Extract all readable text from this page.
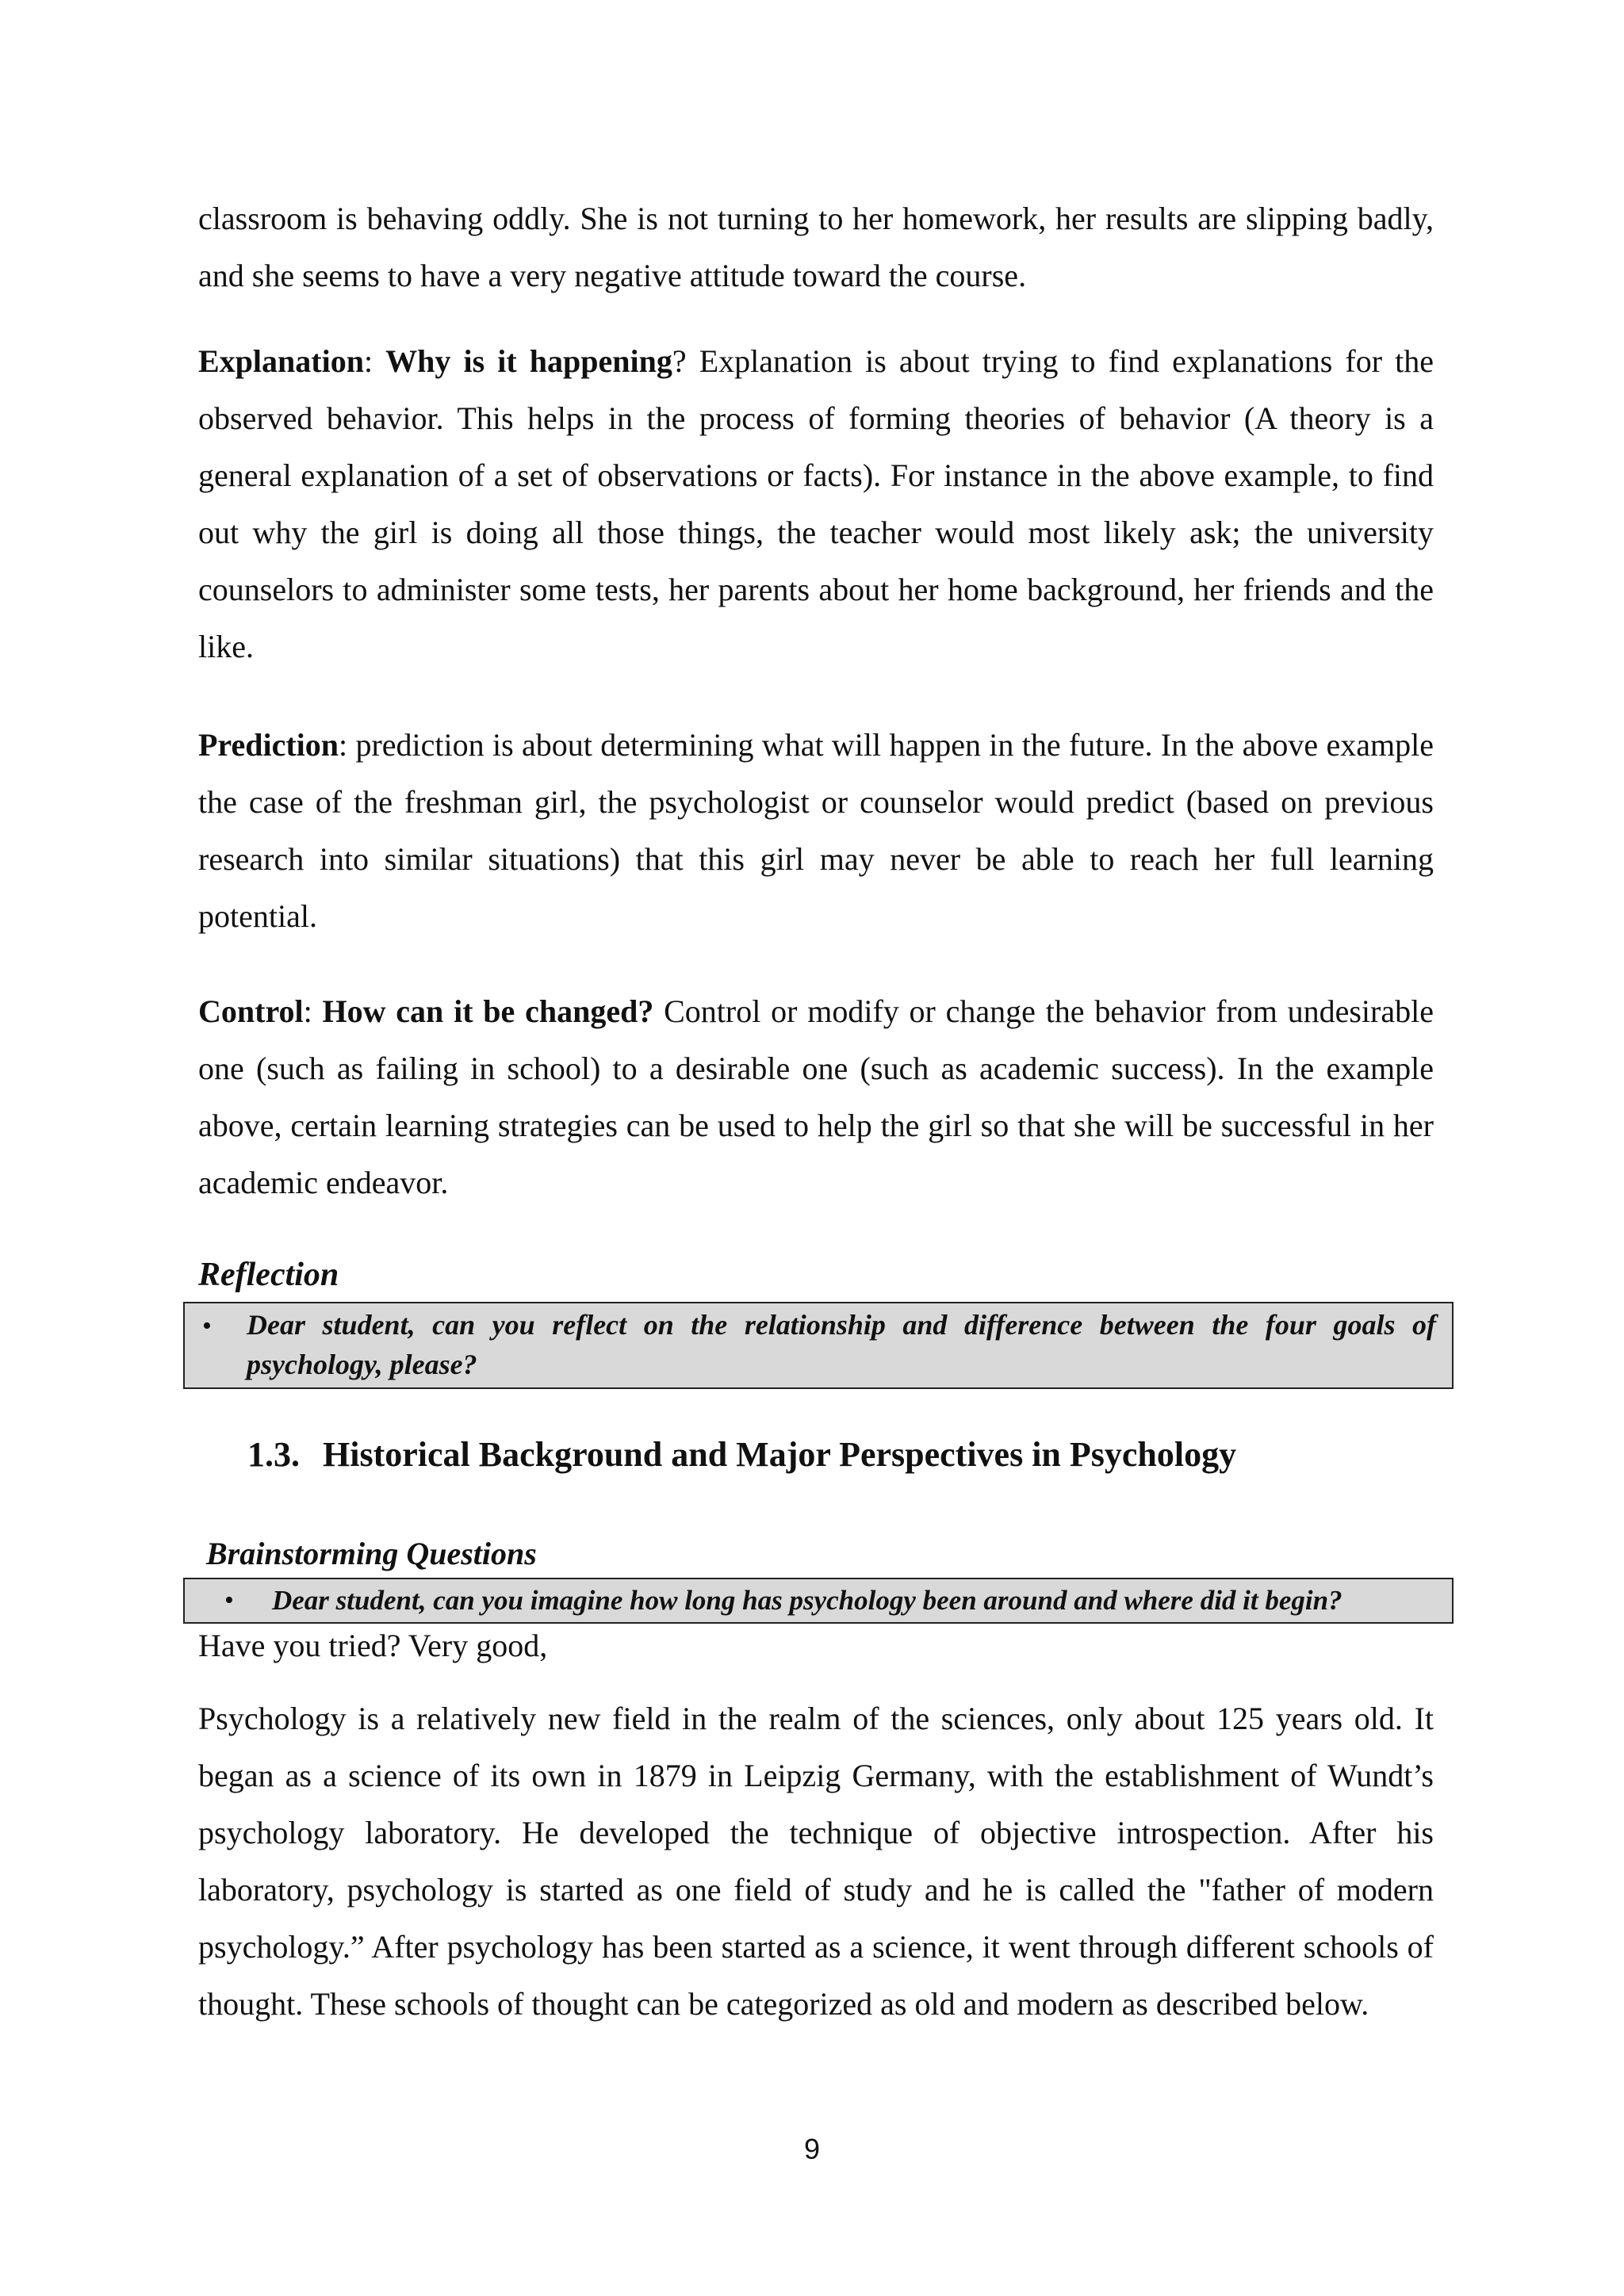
classroom is behaving oddly. She is not turning to her homework, her results are slipping badly, and she seems to have a very negative attitude toward the course.

Explanation: Why is it happening? Explanation is about trying to find explanations for the observed behavior. This helps in the process of forming theories of behavior (A theory is a general explanation of a set of observations or facts). For instance in the above example, to find out why the girl is doing all those things, the teacher would most likely ask; the university counselors to administer some tests, her parents about her home background, her friends and the like.

Prediction: prediction is about determining what will happen in the future. In the above example the case of the freshman girl, the psychologist or counselor would predict (based on previous research into similar situations) that this girl may never be able to reach her full learning potential.

Control: How can it be changed? Control or modify or change the behavior from undesirable one (such as failing in school) to a desirable one (such as academic success). In the example above, certain learning strategies can be used to help the girl so that she will be successful in her academic endeavor.

Reflection
• Dear student, can you reflect on the relationship and difference between the four goals of psychology, please?
1.3. Historical Background and Major Perspectives in Psychology
Brainstorming Questions
• Dear student, can you imagine how long has psychology been around and where did it begin?

Have you tried? Very good,

Psychology is a relatively new field in the realm of the sciences, only about 125 years old. It began as a science of its own in 1879 in Leipzig Germany, with the establishment of Wundt’s psychology laboratory. He developed the technique of objective introspection. After his laboratory, psychology is started as one field of study and he is called the "father of modern psychology.” After psychology has been started as a science, it went through different schools of thought. These schools of thought can be categorized as old and modern as described below.

9
